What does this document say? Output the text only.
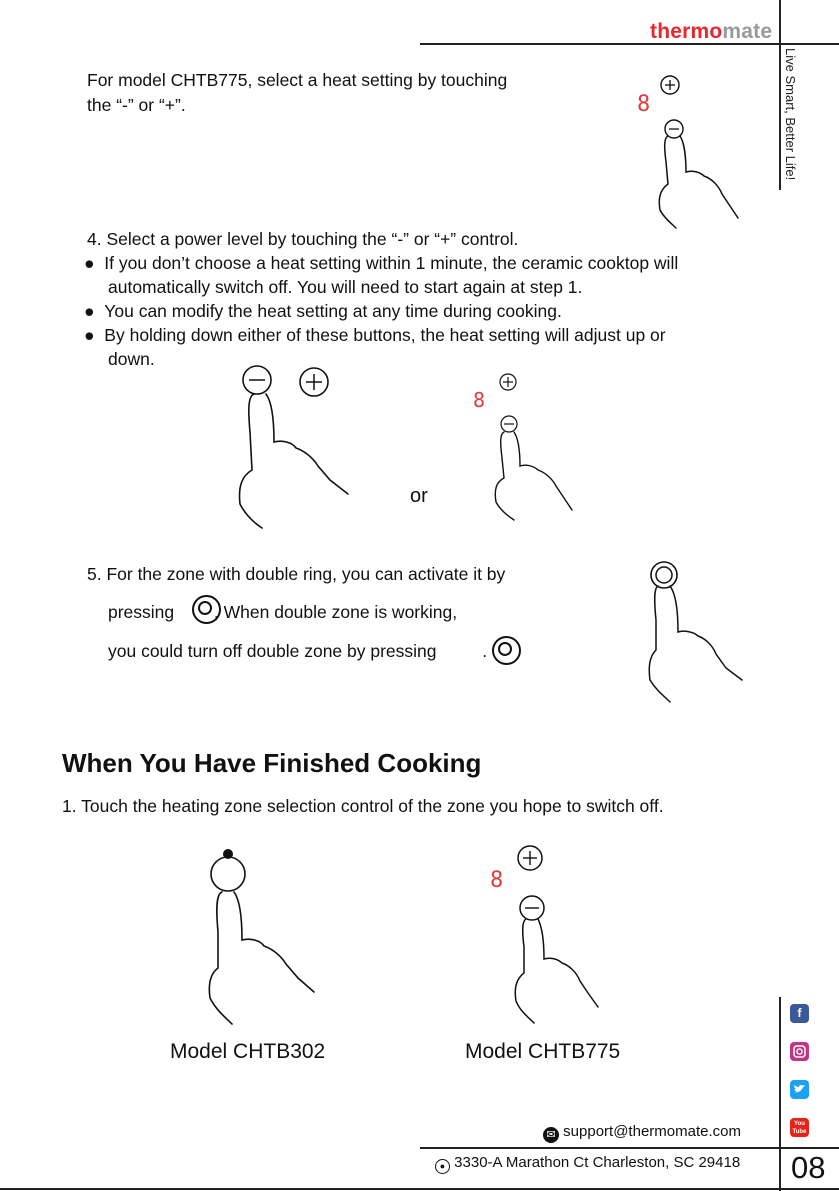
thermomate
Live Smart, Better Life!
For model CHTB775, select a heat setting by touching
the “-” or “+”.	8
4. Select a power level by touching the “-” or “+” control.
●  If you don’t choose a heat setting within 1 minute, the ceramic cooktop will
automatically switch off. You will need to start again at step 1.
●  You can modify the heat setting at any time during cooking.
●  By holding down either of these buttons, the heat setting will adjust up or
down.
or
8
5. For the zone with double ring, you can activate it by
pressing , When double zone is working,
you could turn off double zone by pressing	.
When You Have Finished Cooking
1. Touch the heating zone selection control of the zone you hope to switch off.
Model CHTB302
8
Model CHTB775
f
You Tube
✉ support@thermomate.com
● 3330-A Marathon Ct Charleston, SC 29418 08
